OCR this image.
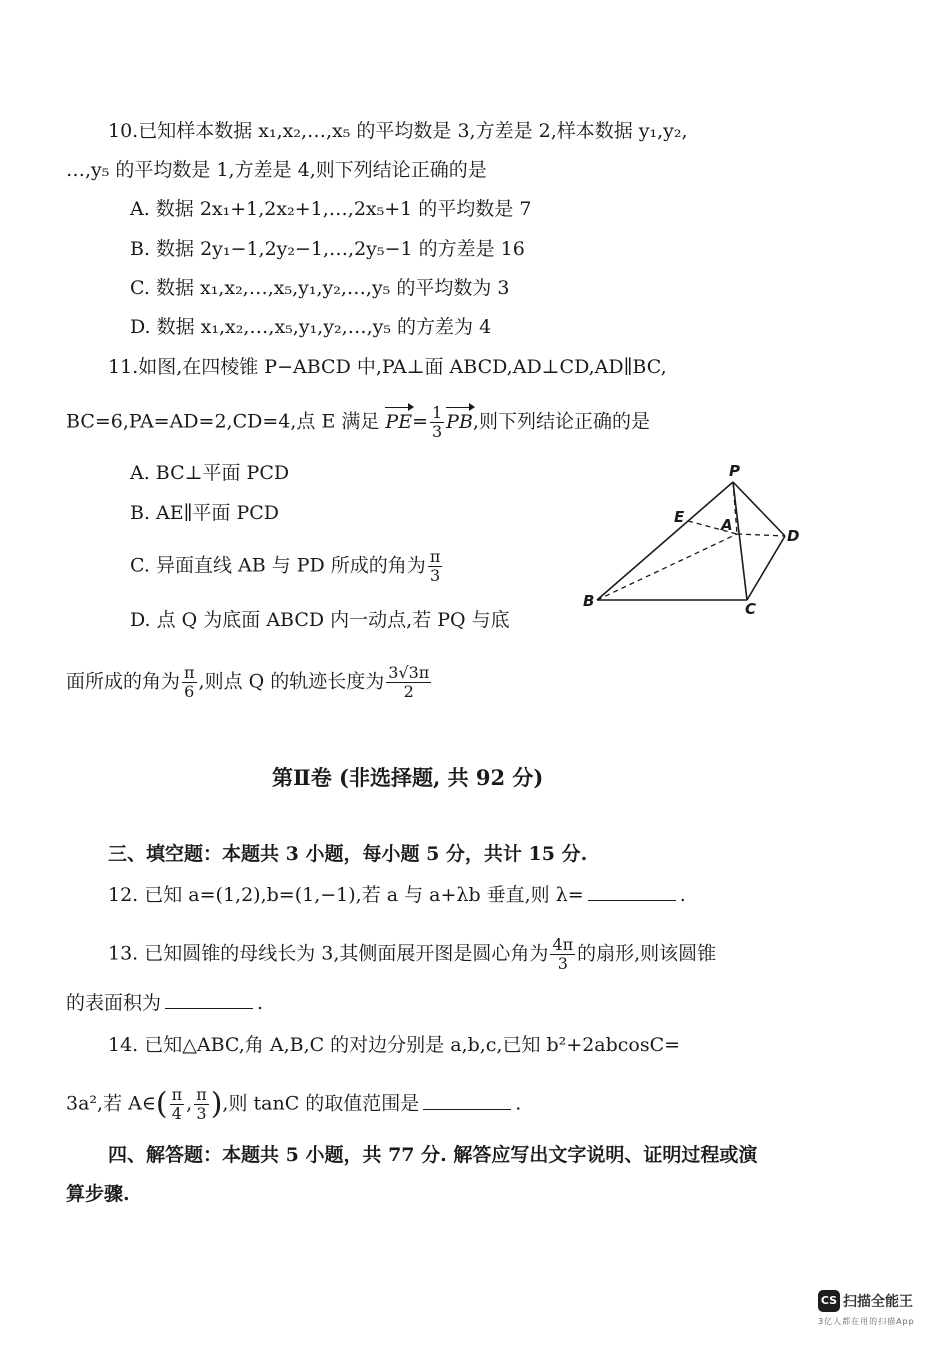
10.已知样本数据 x₁,x₂,…,x₅ 的平均数是 3,方差是 2,样本数据 y₁,y₂,
…,y₅ 的平均数是 1,方差是 4,则下列结论正确的是
A. 数据 2x₁+1,2x₂+1,…,2x₅+1 的平均数是 7
B. 数据 2y₁−1,2y₂−1,…,2y₅−1 的方差是 16
C. 数据 x₁,x₂,…,x₅,y₁,y₂,…,y₅ 的平均数为 3
D. 数据 x₁,x₂,…,x₅,y₁,y₂,…,y₅ 的方差为 4
11.如图,在四棱锥 P−ABCD 中,PA⊥面 ABCD,AD⊥CD,AD∥BC,
BC=6,PA=AD=2,CD=4,点 E 满足 $PE= \frac{1}{3}$ PB,则下列结论正确的是
A. BC⊥平面 PCD
B. AE∥平面 PCD
C. 异面直线 AB 与 PD 所成的角为 $\frac{\pi}{3}$
D. 点 Q 为底面 ABCD 内一动点,若 PQ 与底
面所成的角为 $\frac{\pi}{6}$ ,则点 Q 的轨迹长度为 $\frac{3√3\pi}{2}$
P
E A
D
B	C
第Ⅱ卷 (非选择题, 共 92 分)
三、填空题：本题共 3 小题，每小题 5 分，共计 15 分.
12. 已知 a=(1,2),b=(1,−1),若 a 与 a+λb 垂直,则 λ=	.
13. 已知圆锥的母线长为 3,其侧面展开图是圆心角为 $\frac{4\pi}{3}$ 的扇形,则该圆锥
的表面积为	.
14. 已知△ABC,角 A,B,C 的对边分别是 a,b,c,已知 b²+2abcosC=
3a²,若 A∈( $\frac{\pi}{4}$ , $\frac{\pi}{3}$ ),则 tanC 的取值范围是	.
四、解答题：本题共 5 小题，共 77 分. 解答应写出文字说明、证明过程或演
算步骤.
CS 扫描全能王
3亿人都在用的扫描App
